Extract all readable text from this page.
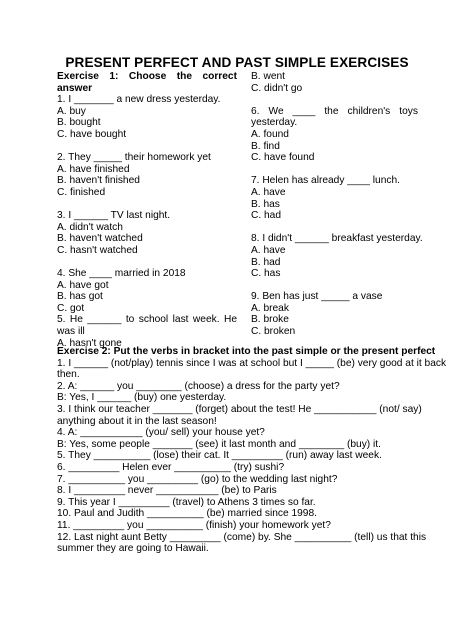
PRESENT PERFECT AND PAST SIMPLE EXERCISES
Exercise 1: Choose the correct
answer
1. I _______ a new dress yesterday.
A. buy
B. bought
C. have bought
2. They _____ their homework yet
A. have finished
B. haven't finished
C. finished
3. I ______ TV last night.
A. didn't watch
B. haven't watched
C. hasn't watched
4. She ____ married in 2018
A. have got
B. has got
C. got
5. He ______ to school last week. He
was ill
A. hasn't gone
B. went
C. didn't go
6. We ____ the children's toys
yesterday.
A. found
B. find
C. have found
7. Helen has already ____ lunch.
A. have
B. has
C. had
8. I didn't ______ breakfast yesterday.
A. have
B. had
C. has
9. Ben has just _____ a vase
A. break
B. broke
C. broken
Exercise 2: Put the verbs in bracket into the past simple or the present perfect
1. I ______ (not/play) tennis since I was at school but I _____ (be) very good at it back
then.
2. A: ______ you ________ (choose) a dress for the party yet?
B: Yes, I ______ (buy) one yesterday.
3. I think our teacher _______ (forget) about the test! He ___________ (not/ say)
anything about it in the last season!
4. A: ___________ (you/ sell) your house yet?
B: Yes, some people _______ (see) it last month and ________ (buy) it.
5. They __________ (lose) their cat. It _________ (run) away last week.
6. _________ Helen ever __________ (try) sushi?
7. __________ you _________ (go) to the wedding last night?
8. I _________ never ___________ (be) to Paris
9. This year I _________ (travel) to Athens 3 times so far.
10. Paul and Judith __________ (be) married since 1998.
11. _________ you __________ (finish) your homework yet?
12. Last night aunt Betty _________ (come) by. She __________ (tell) us that this
summer they are going to Hawaii.
